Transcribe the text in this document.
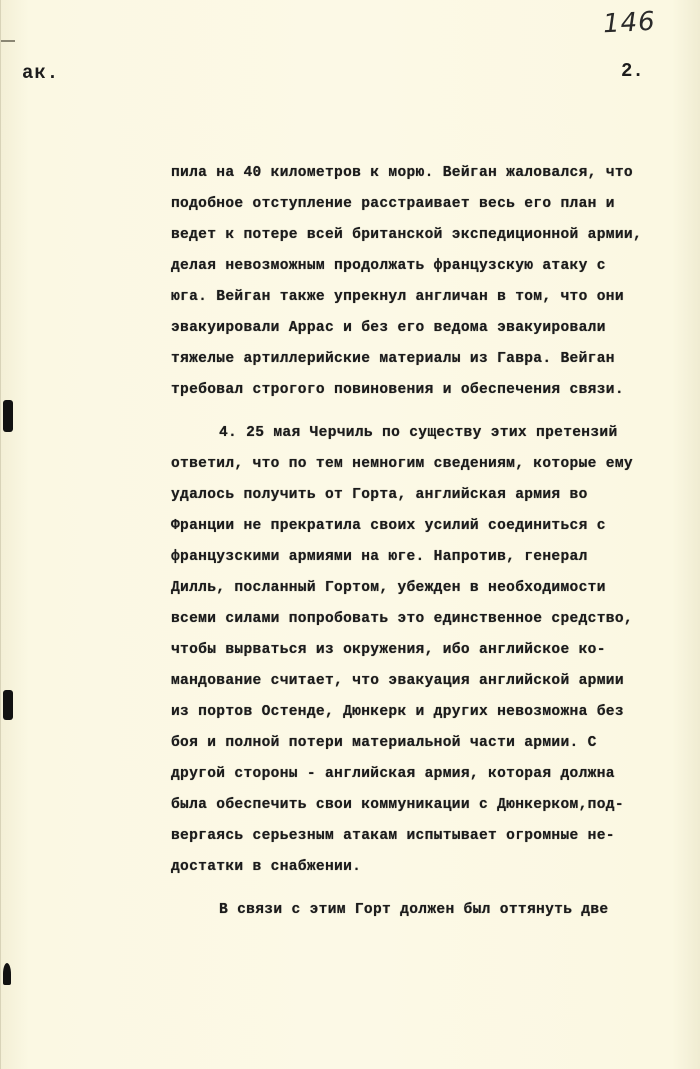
146
ак.	2.
пила на 40 километров к морю. Вейган жаловался, что
подобное отступление расстраивает весь его план и
ведет к потере всей британской экспедиционной армии,
делая невозможным продолжать французскую атаку с
юга. Вейган также упрекнул англичан в том, что они
эвакуировали Аррас и без его ведома эвакуировали
тяжелые артиллерийские материалы из Гавра. Вейган
требовал строгого повиновения и обеспечения связи.
4. 25 мая Черчиль по существу этих претензий
ответил, что по тем немногим сведениям, которые ему
удалось получить от Горта, английская армия во
Франции не прекратила своих усилий соединиться с
французскими армиями на юге. Напротив, генерал
Дилль, посланный Гортом, убежден в необходимости
всеми силами попробовать это единственное средство,
чтобы вырваться из окружения, ибо английское ко-
мандование считает, что эвакуация английской армии
из портов Остенде, Дюнкерк и других невозможна без
боя и полной потери материальной части армии. С
другой стороны - английская армия, которая должна
была обеспечить свои коммуникации с Дюнкерком,под-
вергаясь серьезным атакам испытывает огромные не-
достатки в снабжении.
В связи с этим Горт должен был оттянуть две
